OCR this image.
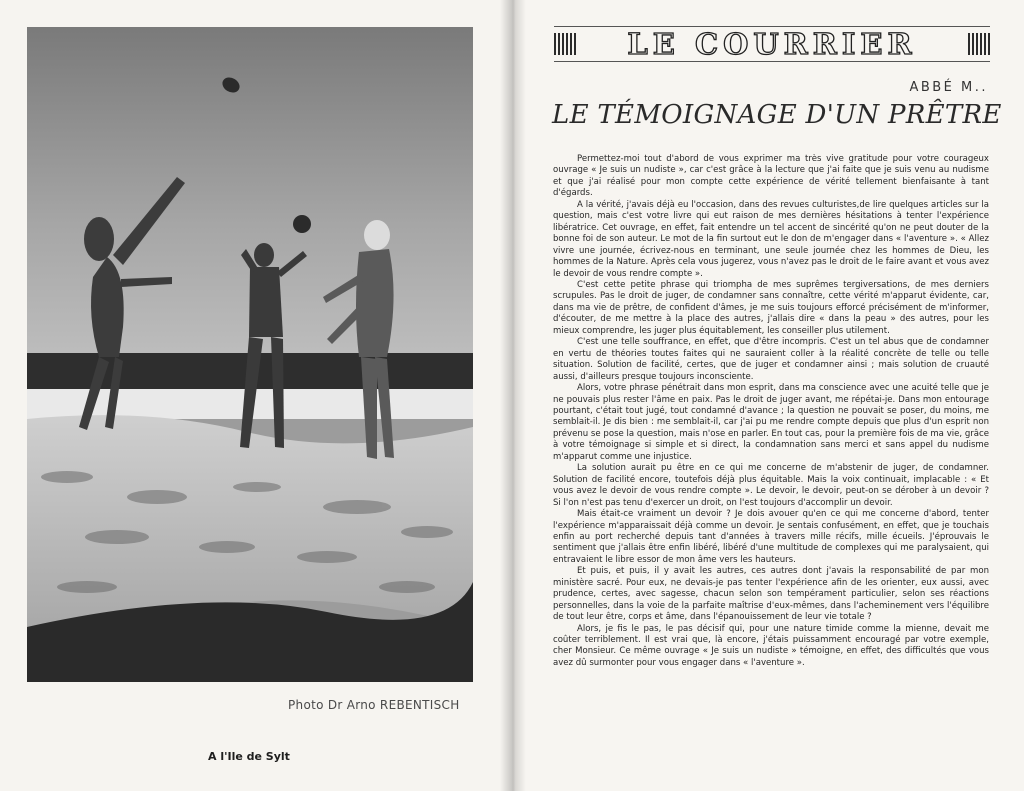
Photo Dr Arno REBENTISCH
A l'Ile de Sylt
LE COURRIER
ABBÉ M..
LE TÉMOIGNAGE D'UN PRÊTRE

Permettez-moi tout d'abord de vous exprimer ma très vive gratitude pour votre courageux ouvrage « Je suis un nudiste », car c'est grâce à la lecture que j'ai faite que je suis venu au nudisme et que j'ai réalisé pour mon compte cette expérience de vérité tellement bienfaisante à tant d'égards.

A la vérité, j'avais déjà eu l'occasion, dans des revues culturistes,de lire quelques articles sur la question, mais c'est votre livre qui eut raison de mes dernières hésitations à tenter l'expérience libératrice. Cet ouvrage, en effet, fait entendre un tel accent de sincérité qu'on ne peut douter de la bonne foi de son auteur. Le mot de la fin surtout eut le don de m'engager dans « l'aventure ». « Allez vivre une journée, écrivez-nous en terminant, une seule journée chez les hommes de Dieu, les hommes de la Nature. Après cela vous jugerez, vous n'avez pas le droit de le faire avant et vous avez le devoir de vous rendre compte ».

C'est cette petite phrase qui triompha de mes suprêmes tergiversations, de mes derniers scrupules. Pas le droit de juger, de condamner sans connaître, cette vérité m'apparut évidente, car, dans ma vie de prêtre, de confident d'âmes, je me suis toujours efforcé précisément de m'informer, d'écouter, de me mettre à la place des autres, j'allais dire « dans la peau » des autres, pour les mieux comprendre, les juger plus équitablement, les conseiller plus utilement.

C'est une telle souffrance, en effet, que d'être incompris. C'est un tel abus que de condamner en vertu de théories toutes faites qui ne sauraient coller à la réalité concrète de telle ou telle situation. Solution de facilité, certes, que de juger et condamner ainsi ; mais solution de cruauté aussi, d'ailleurs presque toujours inconsciente.

Alors, votre phrase pénétrait dans mon esprit, dans ma conscience avec une acuité telle que je ne pouvais plus rester l'âme en paix. Pas le droit de juger avant, me répétai-je. Dans mon entourage pourtant, c'était tout jugé, tout condamné d'avance ; la question ne pouvait se poser, du moins, me semblait-il. Je dis bien : me semblait-il, car j'ai pu me rendre compte depuis que plus d'un esprit non prévenu se pose la question, mais n'ose en parler. En tout cas, pour la première fois de ma vie, grâce à votre témoignage si simple et si direct, la condamnation sans merci et sans appel du nudisme m'apparut comme une injustice.

La solution aurait pu être en ce qui me concerne de m'abstenir de juger, de condamner. Solution de facilité encore, toutefois déjà plus équitable. Mais la voix continuait, implacable : « Et vous avez le devoir de vous rendre compte ». Le devoir, le devoir, peut-on se dérober à un devoir ? Si l'on n'est pas tenu d'exercer un droit, on l'est toujours d'accomplir un devoir.

Mais était-ce vraiment un devoir ? Je dois avouer qu'en ce qui me concerne d'abord, tenter l'expérience m'apparaissait déjà comme un devoir. Je sentais confusément, en effet, que je touchais enfin au port recherché depuis tant d'années à travers mille récifs, mille écueils. J'éprouvais le sentiment que j'allais être enfin libéré, libéré d'une multitude de complexes qui me paralysaient, qui entravaient le libre essor de mon âme vers les hauteurs.

Et puis, et puis, il y avait les autres, ces autres dont j'avais la responsabilité de par mon ministère sacré. Pour eux, ne devais-je pas tenter l'expérience afin de les orienter, eux aussi, avec prudence, certes, avec sagesse, chacun selon son tempérament particulier, selon ses réactions personnelles, dans la voie de la parfaite maîtrise d'eux-mêmes, dans l'acheminement vers l'équilibre de tout leur être, corps et âme, dans l'épanouissement de leur vie totale ?

Alors, je fis le pas, le pas décisif qui, pour une nature timide comme la mienne, devait me coûter terriblement. Il est vrai que, là encore, j'étais puissamment encouragé par votre exemple, cher Monsieur. Ce même ouvrage « Je suis un nudiste » témoigne, en effet, des difficultés que vous avez dû surmonter pour vous engager dans « l'aventure ».
